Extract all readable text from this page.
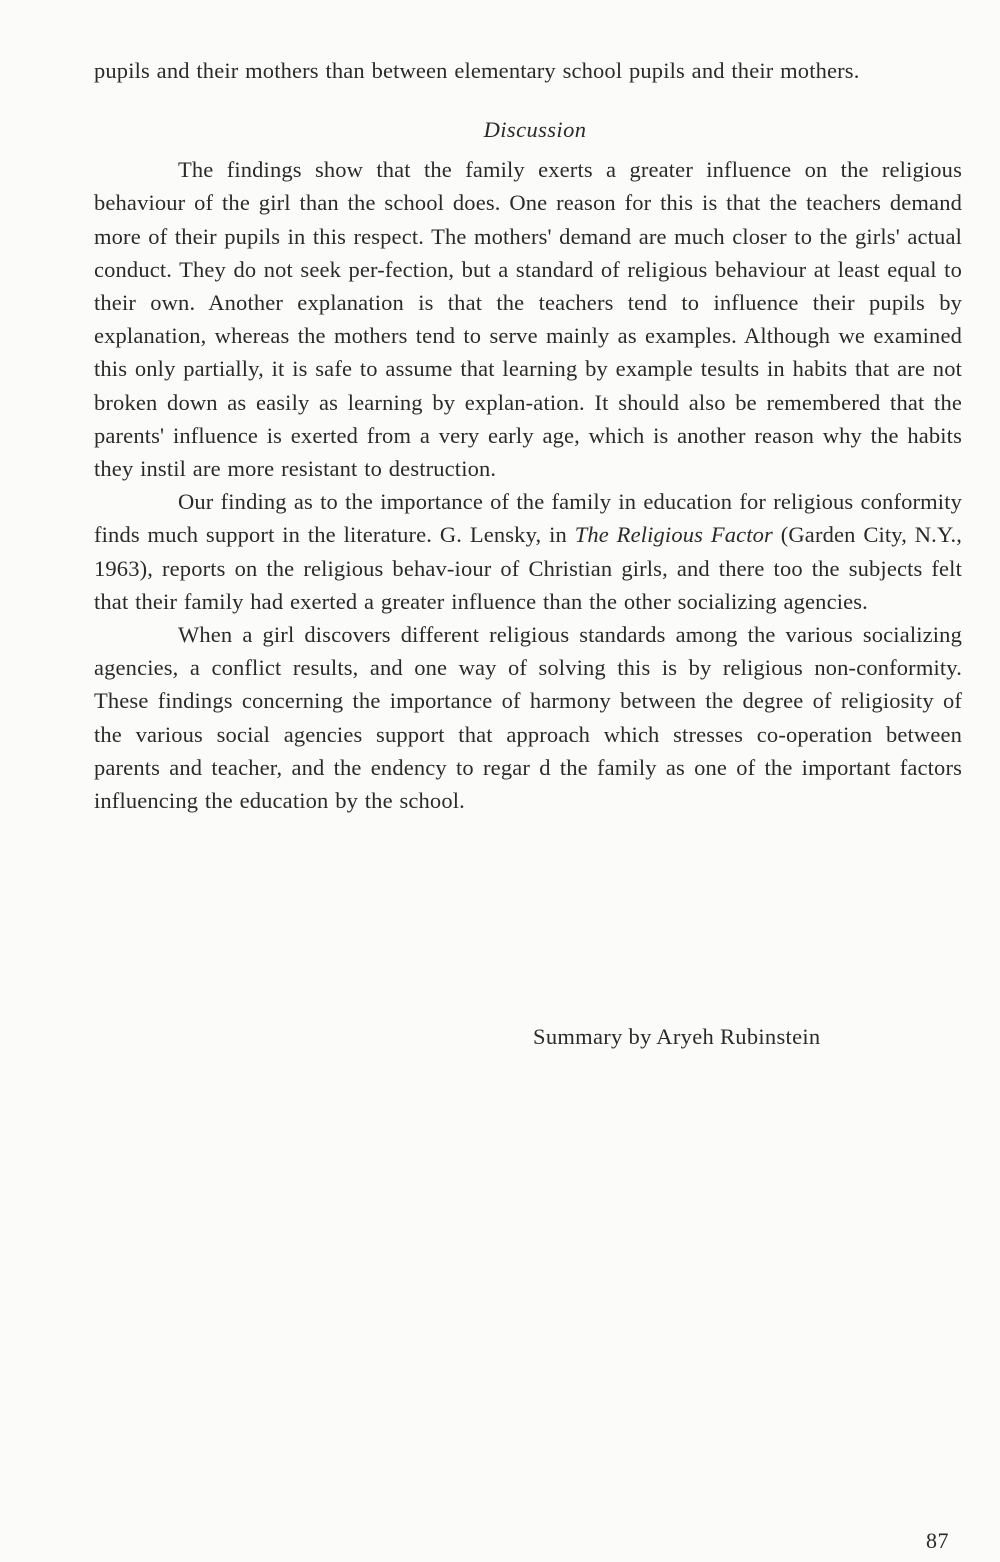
pupils and their mothers than between elementary school pupils and their mothers.

Discussion

The findings show that the family exerts a greater influence on the religious behaviour of the girl than the school does. One reason for this is that the teachers demand more of their pupils in this respect. The mothers' demand are much closer to the girls' actual conduct. They do not seek per-fection, but a standard of religious behaviour at least equal to their own. Another explanation is that the teachers tend to influence their pupils by explanation, whereas the mothers tend to serve mainly as examples. Although we examined this only partially, it is safe to assume that learning by example tesults in habits that are not broken down as easily as learning by explan-ation. It should also be remembered that the parents' influence is exerted from a very early age, which is another reason why the habits they instil are more resistant to destruction.

Our finding as to the importance of the family in education for religious conformity finds much support in the literature. G. Lensky, in The Religious Factor (Garden City, N.Y., 1963), reports on the religious behav-iour of Christian girls, and there too the subjects felt that their family had exerted a greater influence than the other socializing agencies.

When a girl discovers different religious standards among the various socializing agencies, a conflict results, and one way of solving this is by religious non-conformity. These findings concerning the importance of harmony between the degree of religiosity of the various social agencies support that approach which stresses co-operation between parents and teacher, and the endency to regar d the family as one of the important factors influencing the education by the school.

Summary by Aryeh Rubinstein
87
